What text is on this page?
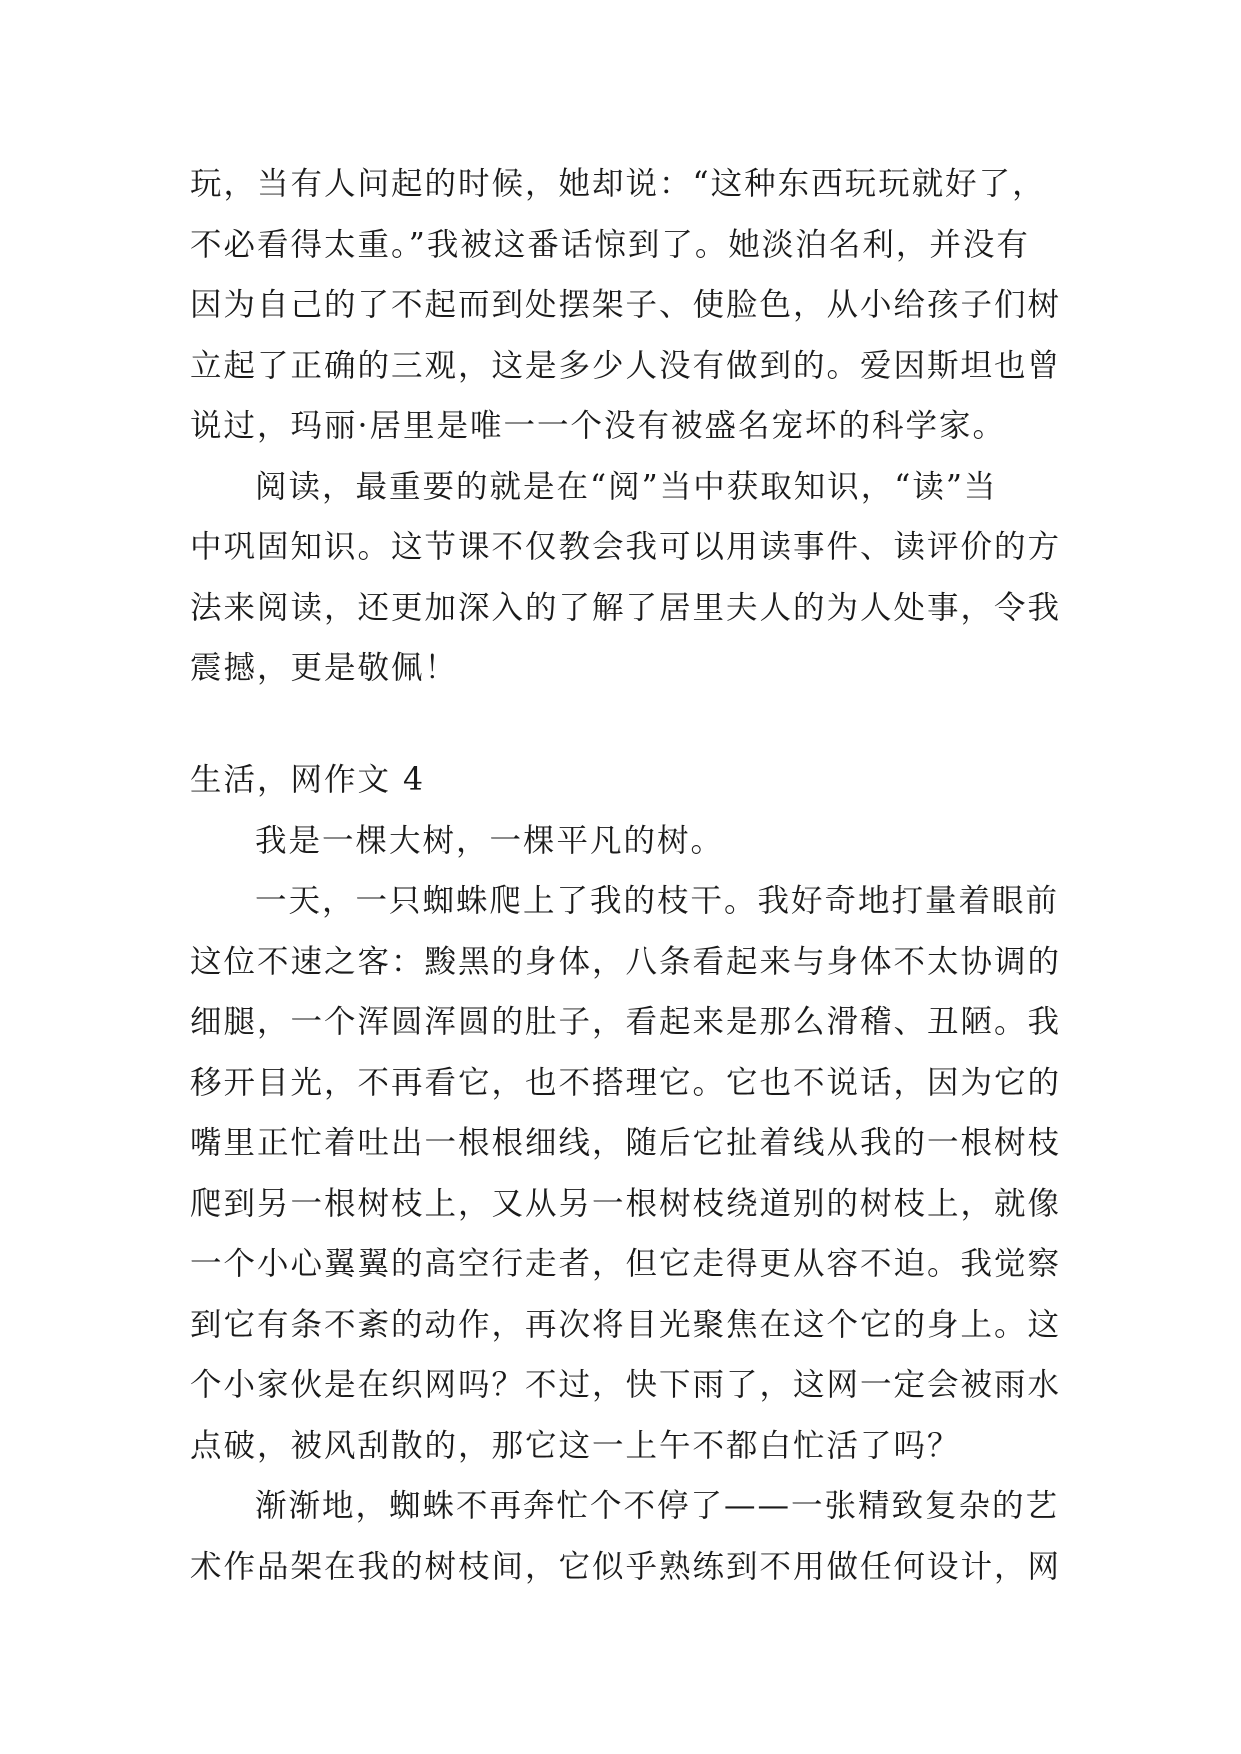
玩，当有人问起的时候，她却说：“这种东西玩玩就好了，
不必看得太重。”我被这番话惊到了。她淡泊名利，并没有
因为自己的了不起而到处摆架子、使脸色，从小给孩子们树
立起了正确的三观，这是多少人没有做到的。爱因斯坦也曾
说过，玛丽·居里是唯一一个没有被盛名宠坏的科学家。
阅读，最重要的就是在“阅”当中获取知识，“读”当
中巩固知识。这节课不仅教会我可以用读事件、读评价的方
法来阅读，还更加深入的了解了居里夫人的为人处事，令我
震撼，更是敬佩！
生活，网作文 4
我是一棵大树，一棵平凡的树。
一天，一只蜘蛛爬上了我的枝干。我好奇地打量着眼前
这位不速之客：黢黑的身体，八条看起来与身体不太协调的
细腿，一个浑圆浑圆的肚子，看起来是那么滑稽、丑陋。我
移开目光，不再看它，也不搭理它。它也不说话，因为它的
嘴里正忙着吐出一根根细线，随后它扯着线从我的一根树枝
爬到另一根树枝上，又从另一根树枝绕道别的树枝上，就像
一个小心翼翼的高空行走者，但它走得更从容不迫。我觉察
到它有条不紊的动作，再次将目光聚焦在这个它的身上。这
个小家伙是在织网吗？不过，快下雨了，这网一定会被雨水
点破，被风刮散的，那它这一上午不都白忙活了吗？
渐渐地，蜘蛛不再奔忙个不停了——一张精致复杂的艺
术作品架在我的树枝间，它似乎熟练到不用做任何设计，网
